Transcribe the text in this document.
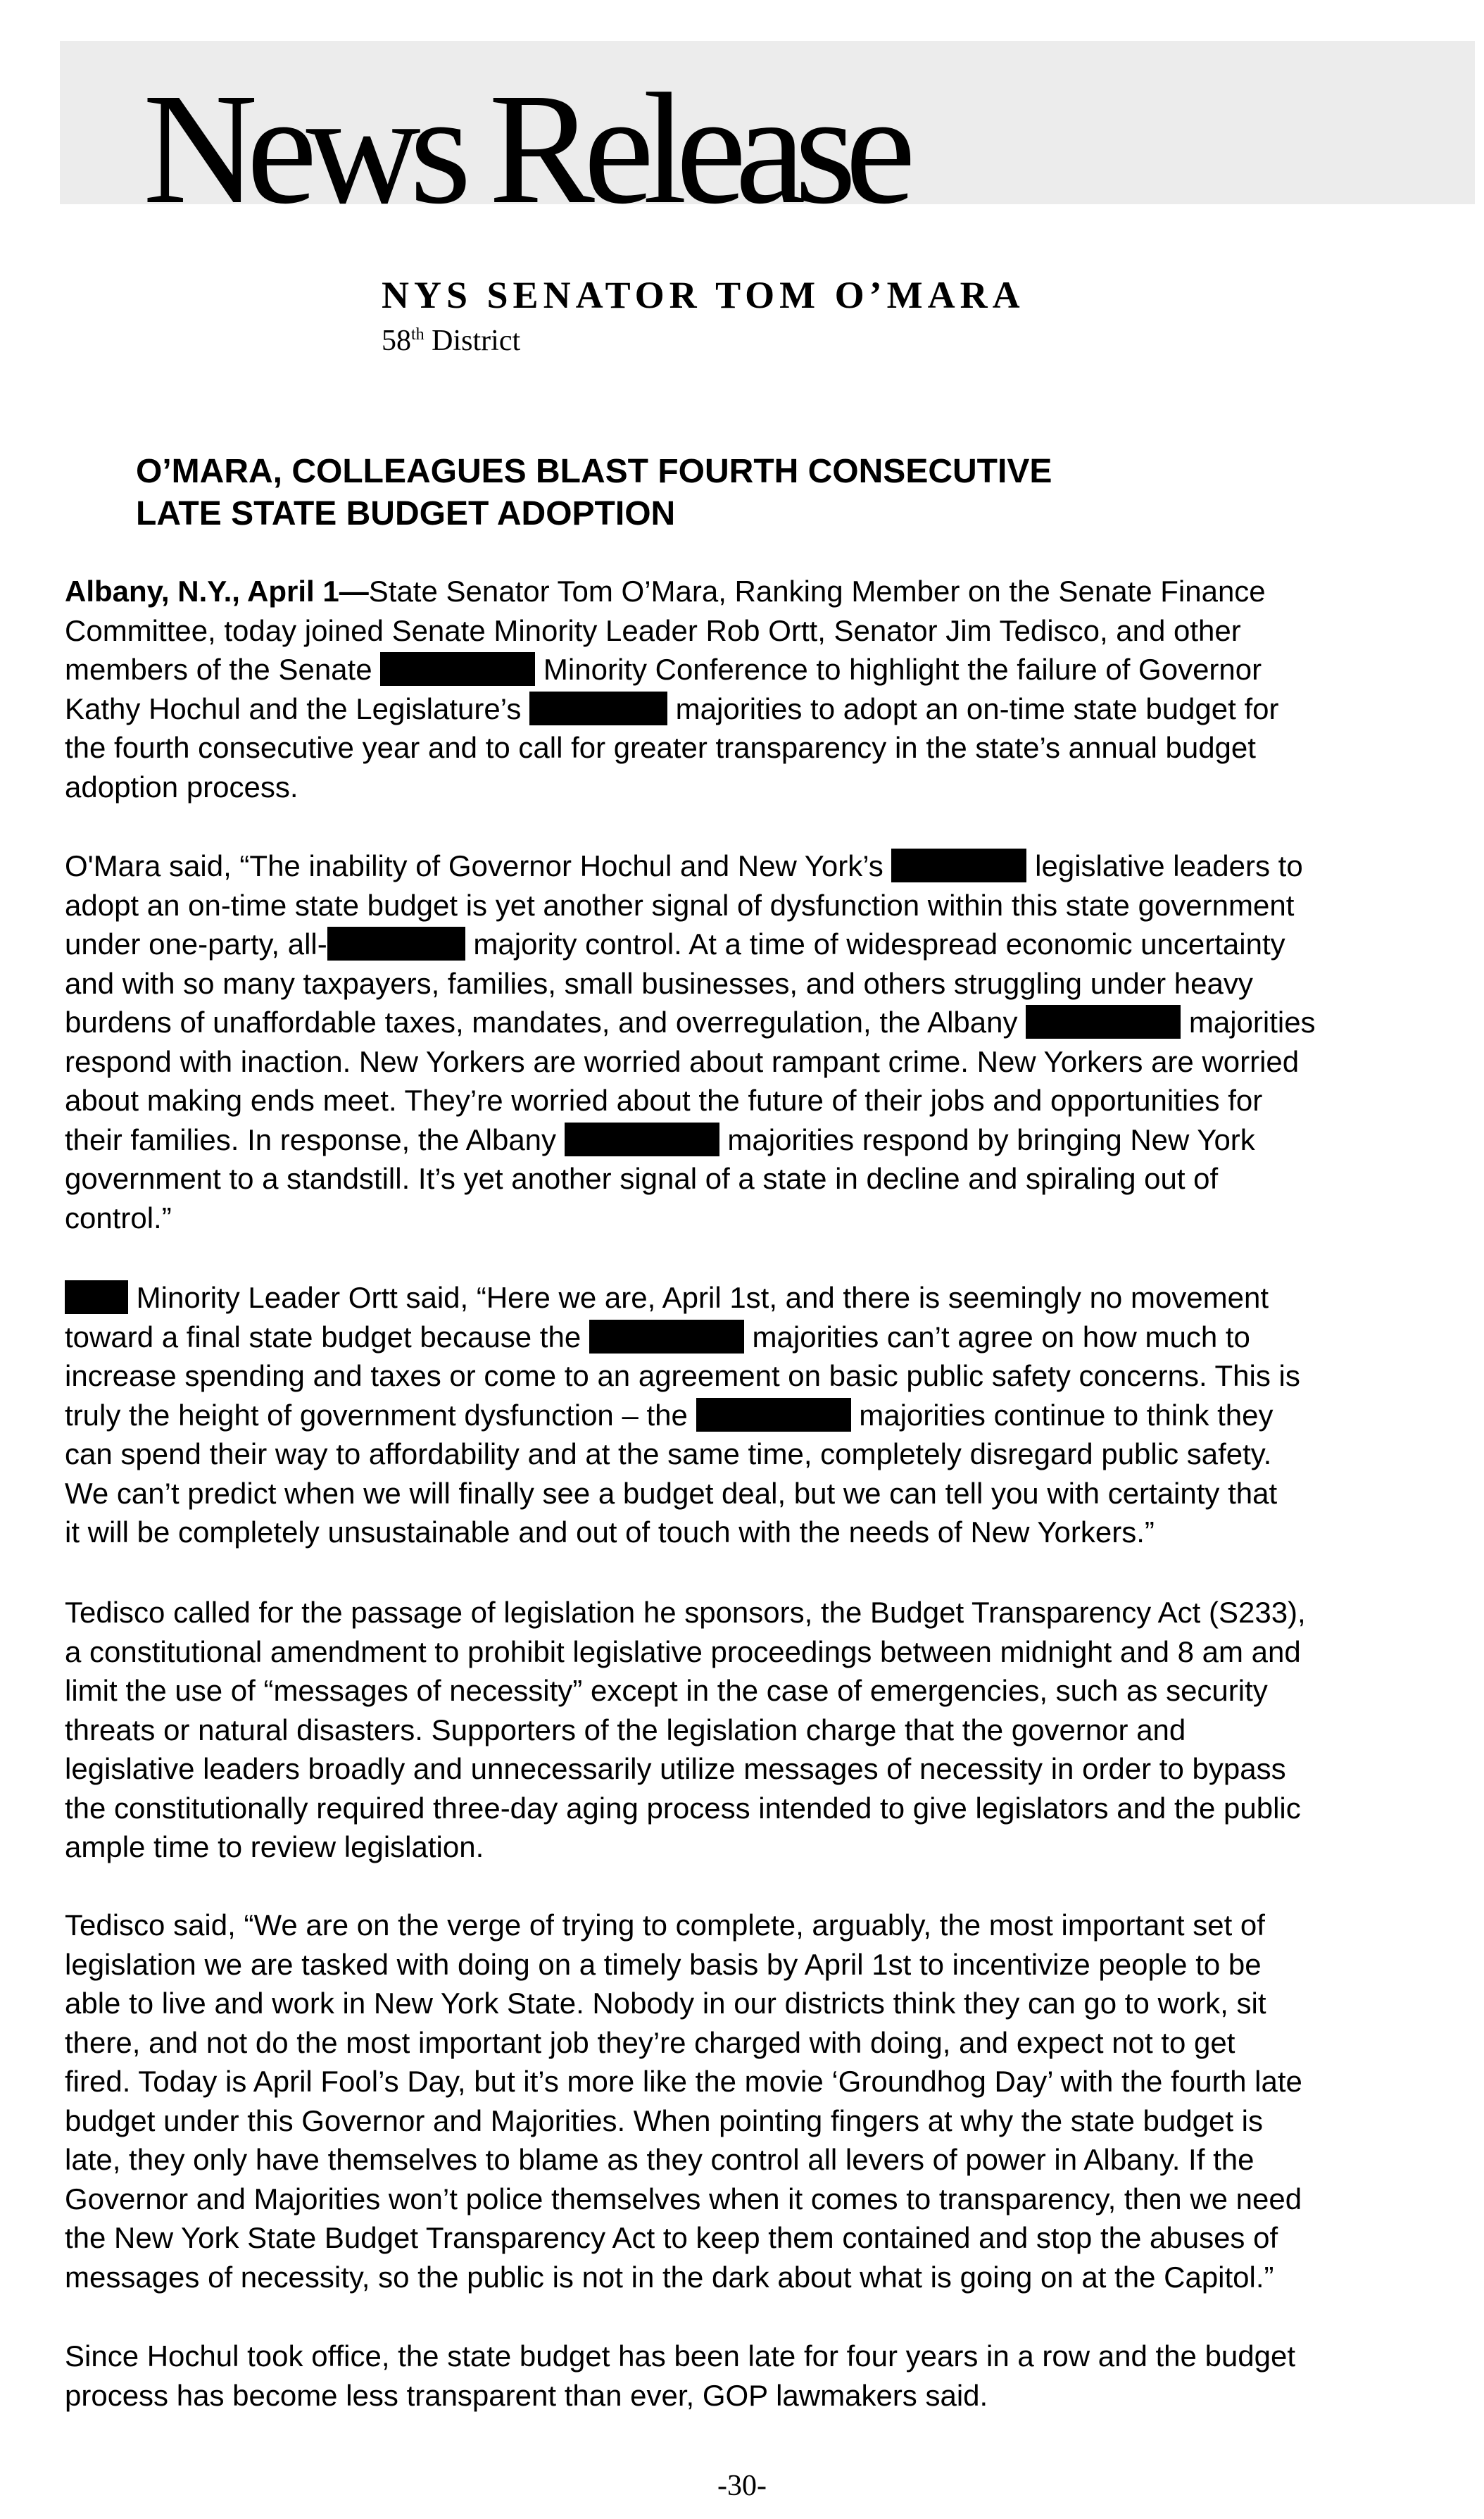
News Release
NYS SENATOR TOM O’MARA
58th District
O’MARA, COLLEAGUES BLAST FOURTH CONSECUTIVE
LATE STATE BUDGET ADOPTION
Albany, N.Y., April 1—State Senator Tom O’Mara, Ranking Member on the Senate Finance
Committee, today joined Senate Minority Leader Rob Ortt, Senator Jim Tedisco, and other
members of the Senate	Minority Conference to highlight the failure of Governor
Kathy Hochul and the Legislature’s	majorities to adopt an on-time state budget for
the fourth consecutive year and to call for greater transparency in the state’s annual budget
adoption process.
O'Mara said, “The inability of Governor Hochul and New York’s	legislative leaders to
adopt an on-time state budget is yet another signal of dysfunction within this state government
under one-party, all-	majority control. At a time of widespread economic uncertainty
and with so many taxpayers, families, small businesses, and others struggling under heavy
burdens of unaffordable taxes, mandates, and overregulation, the Albany	majorities
respond with inaction. New Yorkers are worried about rampant crime. New Yorkers are worried
about making ends meet. They’re worried about the future of their jobs and opportunities for
their families. In response, the Albany	majorities respond by bringing New York
government to a standstill. It’s yet another signal of a state in decline and spiraling out of
control.”
Minority Leader Ortt said, “Here we are, April 1st, and there is seemingly no movement
toward a final state budget because the	majorities can’t agree on how much to
increase spending and taxes or come to an agreement on basic public safety concerns. This is
truly the height of government dysfunction – the	majorities continue to think they
can spend their way to affordability and at the same time, completely disregard public safety.
We can’t predict when we will finally see a budget deal, but we can tell you with certainty that
it will be completely unsustainable and out of touch with the needs of New Yorkers.”
Tedisco called for the passage of legislation he sponsors, the Budget Transparency Act (S233),
a constitutional amendment to prohibit legislative proceedings between midnight and 8 am and
limit the use of “messages of necessity” except in the case of emergencies, such as security
threats or natural disasters. Supporters of the legislation charge that the governor and
legislative leaders broadly and unnecessarily utilize messages of necessity in order to bypass
the constitutionally required three-day aging process intended to give legislators and the public
ample time to review legislation.
Tedisco said, “We are on the verge of trying to complete, arguably, the most important set of
legislation we are tasked with doing on a timely basis by April 1st to incentivize people to be
able to live and work in New York State. Nobody in our districts think they can go to work, sit
there, and not do the most important job they’re charged with doing, and expect not to get
fired. Today is April Fool’s Day, but it’s more like the movie ‘Groundhog Day’ with the fourth late
budget under this Governor and Majorities. When pointing fingers at why the state budget is
late, they only have themselves to blame as they control all levers of power in Albany. If the
Governor and Majorities won’t police themselves when it comes to transparency, then we need
the New York State Budget Transparency Act to keep them contained and stop the abuses of
messages of necessity, so the public is not in the dark about what is going on at the Capitol.”
Since Hochul took office, the state budget has been late for four years in a row and the budget
process has become less transparent than ever, GOP lawmakers said.
-30-
